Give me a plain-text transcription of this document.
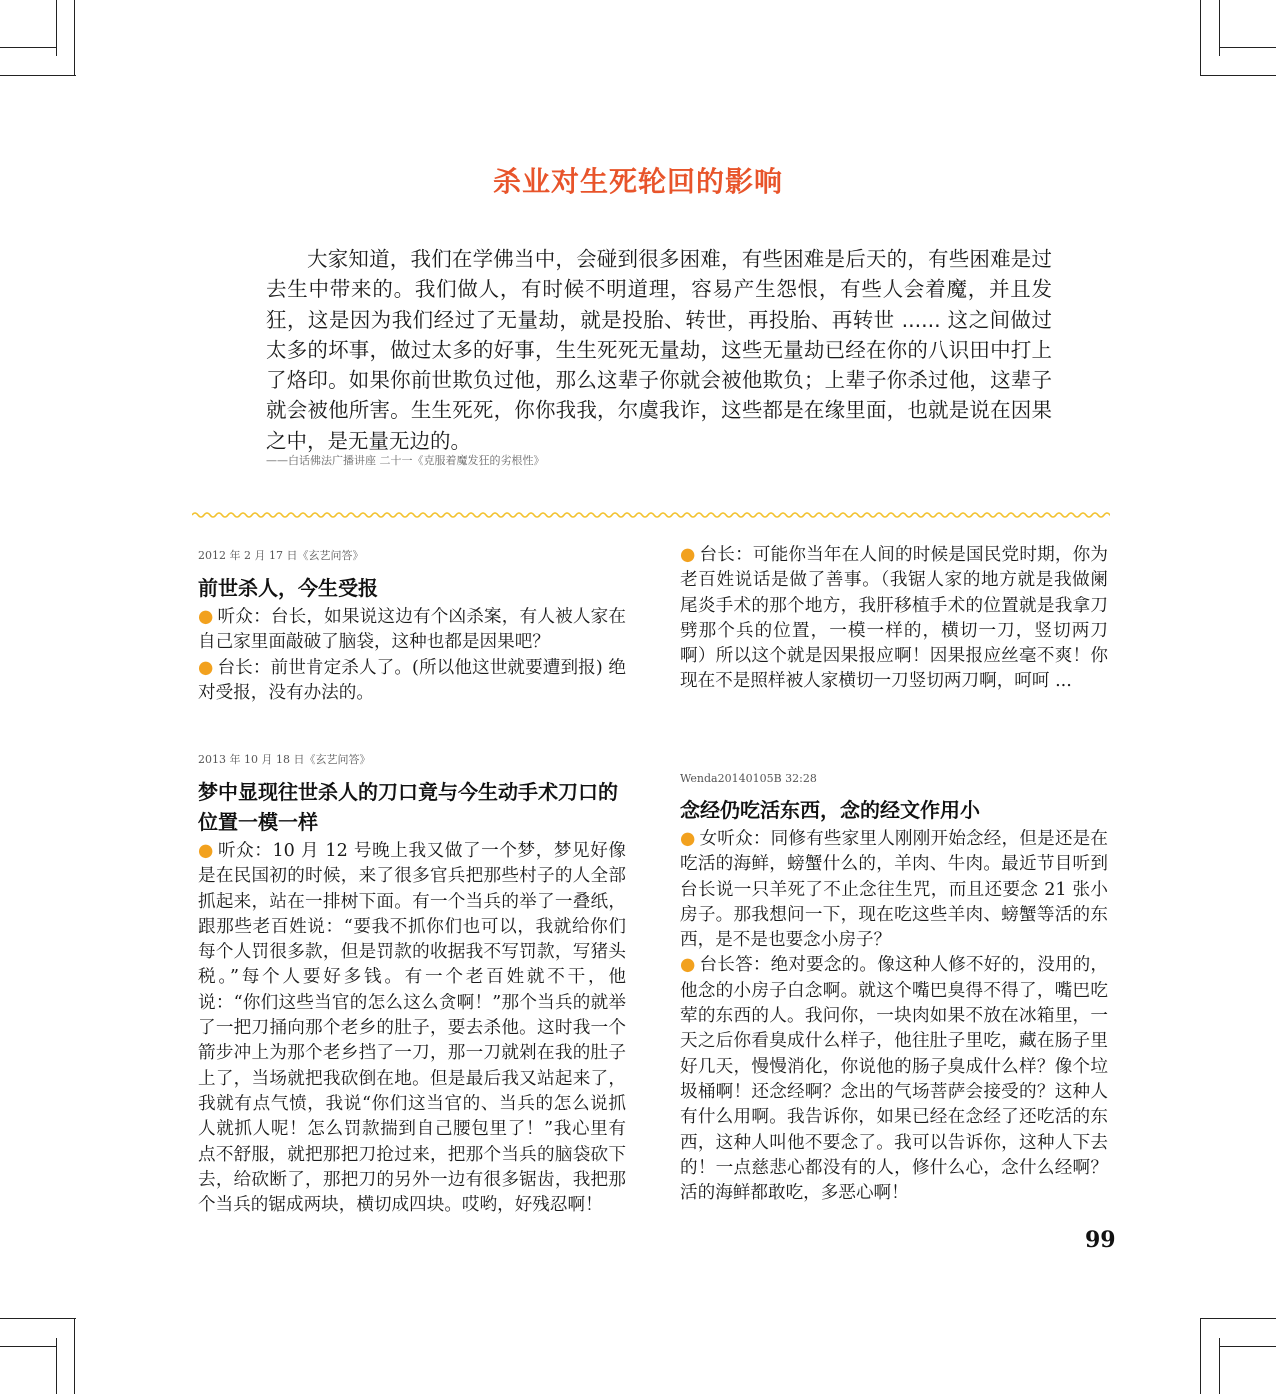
杀业对生死轮回的影响

大家知道，我们在学佛当中，会碰到很多困难，有些困难是后天的，有些困难是过去生中带来的。我们做人，有时候不明道理，容易产生怨恨，有些人会着魔，并且发狂，这是因为我们经过了无量劫，就是投胎、转世，再投胎、再转世 ...... 这之间做过太多的坏事，做过太多的好事，生生死死无量劫，这些无量劫已经在你的八识田中打上了烙印。如果你前世欺负过他，那么这辈子你就会被他欺负；上辈子你杀过他，这辈子就会被他所害。生生死死，你你我我，尔虞我诈，这些都是在缘里面，也就是说在因果之中，是无量无边的。

——白话佛法广播讲座 二十一《克服着魔发狂的劣根性》

2012 年 2 月 17 日《玄艺问答》

前世杀人，今生受报

● 听众：台长，如果说这边有个凶杀案，有人被人家在自己家里面敲破了脑袋，这种也都是因果吧？

● 台长：前世肯定杀人了。(所以他这世就要遭到报) 绝对受报，没有办法的。

2013 年 10 月 18 日《玄艺问答》

梦中显现往世杀人的刀口竟与今生动手术刀口的位置一模一样

● 听众：10 月 12 号晚上我又做了一个梦，梦见好像是在民国初的时候，来了很多官兵把那些村子的人全部抓起来，站在一排树下面。有一个当兵的举了一叠纸，跟那些老百姓说：“要我不抓你们也可以，我就给你们每个人罚很多款，但是罚款的收据我不写罚款，写猪头税。”每个人要好多钱。有一个老百姓就不干，他说：“你们这些当官的怎么这么贪啊！”那个当兵的就举了一把刀捅向那个老乡的肚子，要去杀他。这时我一个箭步冲上为那个老乡挡了一刀，那一刀就剁在我的肚子上了，当场就把我砍倒在地。但是最后我又站起来了，我就有点气愤，我说“你们这当官的、当兵的怎么说抓人就抓人呢！怎么罚款揣到自己腰包里了！”我心里有点不舒服，就把那把刀抢过来，把那个当兵的脑袋砍下去，给砍断了，那把刀的另外一边有很多锯齿，我把那个当兵的锯成两块，横切成四块。哎哟，好残忍啊！

● 台长：可能你当年在人间的时候是国民党时期，你为老百姓说话是做了善事。（我锯人家的地方就是我做阑尾炎手术的那个地方，我肝移植手术的位置就是我拿刀劈那个兵的位置，一模一样的，横切一刀，竖切两刀啊）所以这个就是因果报应啊！因果报应丝毫不爽！你现在不是照样被人家横切一刀竖切两刀啊，呵呵 ...

Wenda20140105B 32:28

念经仍吃活东西，念的经文作用小

● 女听众：同修有些家里人刚刚开始念经，但是还是在吃活的海鲜，螃蟹什么的，羊肉、牛肉。最近节目听到台长说一只羊死了不止念往生咒，而且还要念 21 张小房子。那我想问一下，现在吃这些羊肉、螃蟹等活的东西，是不是也要念小房子？

● 台长答：绝对要念的。像这种人修不好的，没用的，他念的小房子白念啊。就这个嘴巴臭得不得了，嘴巴吃荤的东西的人。我问你，一块肉如果不放在冰箱里，一天之后你看臭成什么样子，他往肚子里吃，藏在肠子里好几天，慢慢消化，你说他的肠子臭成什么样？像个垃圾桶啊！还念经啊？念出的气场菩萨会接受的？这种人有什么用啊。我告诉你，如果已经在念经了还吃活的东西，这种人叫他不要念了。我可以告诉你，这种人下去的！一点慈悲心都没有的人，修什么心，念什么经啊？活的海鲜都敢吃，多恶心啊！

99
